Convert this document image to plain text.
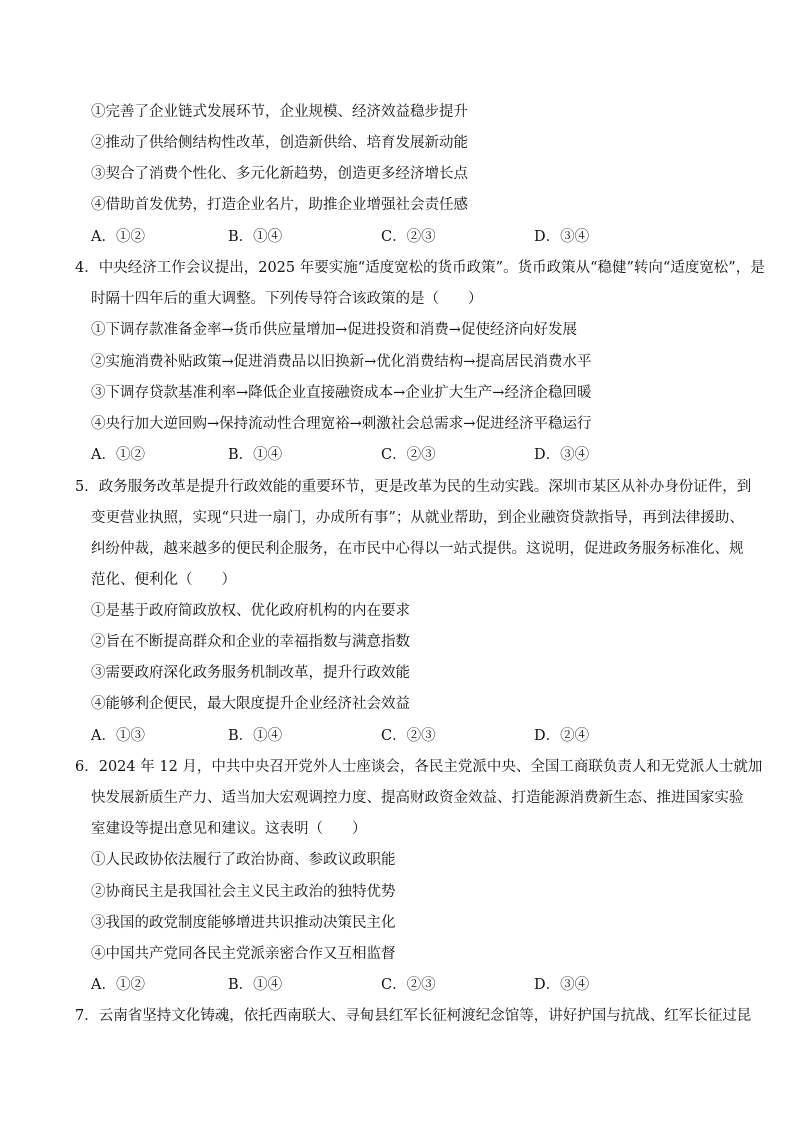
①完善了企业链式发展环节，企业规模、经济效益稳步提升
②推动了供给侧结构性改革，创造新供给、培育发展新动能
③契合了消费个性化、多元化新趋势，创造更多经济增长点
④借助首发优势，打造企业名片，助推企业增强社会责任感
A．①②	B．①④	C．②③	D．③④
4．中央经济工作会议提出，2025 年要实施“适度宽松的货币政策”。货币政策从“稳健”转向“适度宽松”，是
时隔十四年后的重大调整。下列传导符合该政策的是（　　）
①下调存款准备金率→货币供应量增加→促进投资和消费→促使经济向好发展
②实施消费补贴政策→促进消费品以旧换新→优化消费结构→提高居民消费水平
③下调存贷款基准利率→降低企业直接融资成本→企业扩大生产→经济企稳回暖
④央行加大逆回购→保持流动性合理宽裕→刺激社会总需求→促进经济平稳运行
A．①②	B．①④	C．②③	D．③④
5．政务服务改革是提升行政效能的重要环节，更是改革为民的生动实践。深圳市某区从补办身份证件，到
变更营业执照，实现“只进一扇门，办成所有事”；从就业帮助，到企业融资贷款指导，再到法律援助、
纠纷仲裁，越来越多的便民利企服务，在市民中心得以一站式提供。这说明，促进政务服务标准化、规
范化、便利化（　　）
①是基于政府简政放权、优化政府机构的内在要求
②旨在不断提高群众和企业的幸福指数与满意指数
③需要政府深化政务服务机制改革，提升行政效能
④能够利企便民，最大限度提升企业经济社会效益
A．①③	B．①④	C．②③	D．②④
6．2024 年 12 月，中共中央召开党外人士座谈会，各民主党派中央、全国工商联负责人和无党派人士就加
快发展新质生产力、适当加大宏观调控力度、提高财政资金效益、打造能源消费新生态、推进国家实验
室建设等提出意见和建议。这表明（　　）
①人民政协依法履行了政治协商、参政议政职能
②协商民主是我国社会主义民主政治的独特优势
③我国的政党制度能够增进共识推动决策民主化
④中国共产党同各民主党派亲密合作又互相监督
A．①②	B．①④	C．②③	D．③④
7．云南省坚持文化铸魂，依托西南联大、寻甸县红军长征柯渡纪念馆等，讲好护国与抗战、红军长征过昆
